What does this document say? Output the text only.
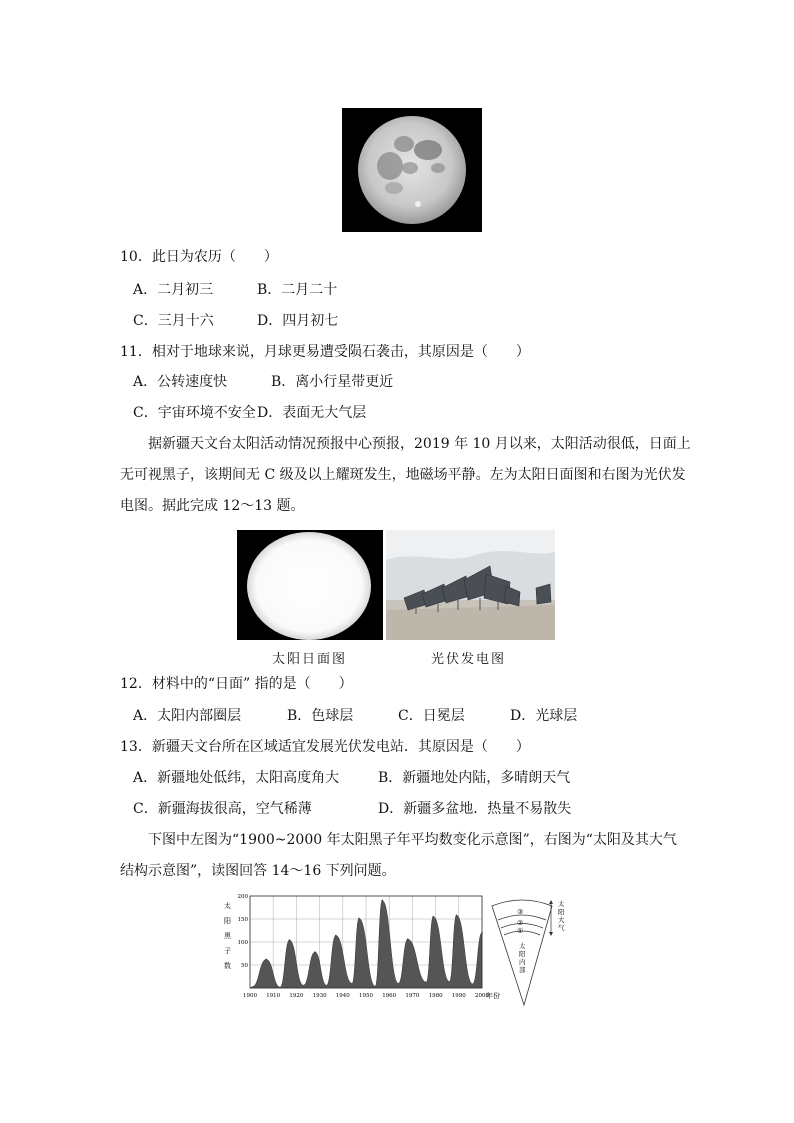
10．此日为农历（　　）
A．二月初三	B．二月二十
C．三月十六	D．四月初七
11．相对于地球来说，月球更易遭受陨石袭击，其原因是（　　）
A．公转速度快	B．离小行星带更近
C．宇宙环境不安全 D．表面无大气层
据新疆天文台太阳活动情况预报中心预报，2019 年 10 月以来，太阳活动很低，日面上
无可视黑子，该期间无 C 级及以上耀斑发生，地磁场平静。左为太阳日面图和右图为光伏发
电图。据此完成 12～13 题。
太阳日面图	光伏发电图
12．材料中的“日面” 指的是（　　）
A．太阳内部圈层	B．色球层	C．日冕层	D．光球层
13．新疆天文台所在区域适宜发展光伏发电站．其原因是（　　）
A．新疆地处低纬，太阳高度角大	B．新疆地处内陆，多晴朗天气
C．新疆海拔很高，空气稀薄	D．新疆多盆地．热量不易散失
下图中左图为“1900~2000 年太阳黑子年平均数变化示意图”，右图为“太阳及其大气
结构示意图”，读图回答 14～16 下列问题。
太
阳
黑
子
数 50
100
150
200
1900 1910 1920 1930 1940 1950 1960 1970 1980 1990 2000
年份
③
②
①
太
阳
大
气
太
阳
内
部
